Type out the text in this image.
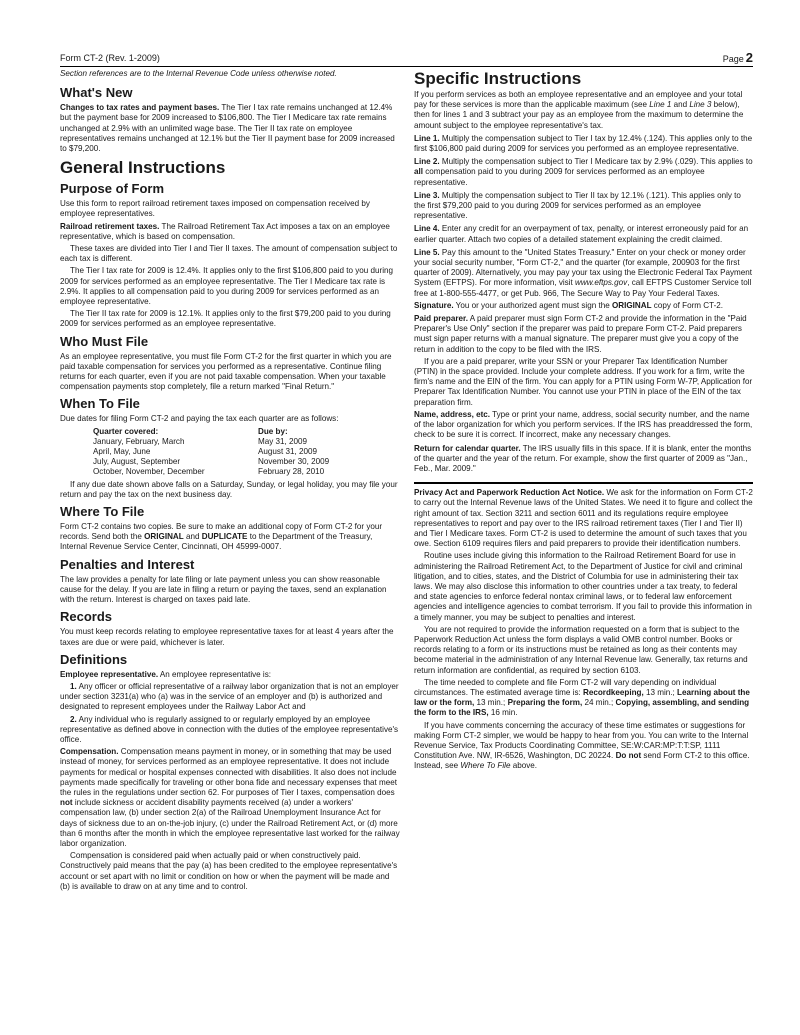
Form CT-2 (Rev. 1-2009)	Page 2

Section references are to the Internal Revenue Code unless otherwise noted.

What's New

Changes to tax rates and payment bases. The Tier I tax rate remains unchanged at 12.4% but the payment base for 2009 increased to $106,800. The Tier I Medicare tax rate remains unchanged at 2.9% with an unlimited wage base. The Tier II tax rate on employee representatives remains unchanged at 12.1% but the Tier II payment base for 2009 increased to $79,200.

General Instructions
Purpose of Form

Use this form to report railroad retirement taxes imposed on compensation received by employee representatives.

Railroad retirement taxes. The Railroad Retirement Tax Act imposes a tax on an employee representative, which is based on compensation.

These taxes are divided into Tier I and Tier II taxes. The amount of compensation subject to each tax is different.

The Tier I tax rate for 2009 is 12.4%. It applies only to the first $106,800 paid to you during 2009 for services performed as an employee representative. The Tier I Medicare tax rate is 2.9%. It applies to all compensation paid to you during 2009 for services performed as an employee representative.

The Tier II tax rate for 2009 is 12.1%. It applies only to the first $79,200 paid to you during 2009 for services performed as an employee representative.

Who Must File

As an employee representative, you must file Form CT-2 for the first quarter in which you are paid taxable compensation for services you performed as a representative. Continue filing returns for each quarter, even if you are not paid taxable compensation. When your taxable compensation payments stop completely, file a return marked "Final Return."

When To File

Due dates for filing Form CT-2 and paying the tax each quarter are as follows:

Quarter covered:	Due by:
January, February, March	May 31, 2009
April, May, June	August 31, 2009
July, August, September	November 30, 2009
October, November, December	February 28, 2010

If any due date shown above falls on a Saturday, Sunday, or legal holiday, you may file your return and pay the tax on the next business day.

Where To File

Form CT-2 contains two copies. Be sure to make an additional copy of Form CT-2 for your records. Send both the ORIGINAL and DUPLICATE to the Department of the Treasury, Internal Revenue Service Center, Cincinnati, OH 45999-0007.

Penalties and Interest

The law provides a penalty for late filing or late payment unless you can show reasonable cause for the delay. If you are late in filing a return or paying the taxes, send an explanation with the return. Interest is charged on taxes paid late.

Records

You must keep records relating to employee representative taxes for at least 4 years after the taxes are due or were paid, whichever is later.

Definitions

Employee representative. An employee representative is:

1. Any officer or official representative of a railway labor organization that is not an employer under section 3231(a) who (a) was in the service of an employer and (b) is authorized and designated to represent employees under the Railway Labor Act and

2. Any individual who is regularly assigned to or regularly employed by an employee representative as defined above in connection with the duties of the employee representative's office.

Compensation. Compensation means payment in money, or in something that may be used instead of money, for services performed as an employee representative. It does not include payments for medical or hospital expenses connected with disabilities. It also does not include payments made specifically for traveling or other bona fide and necessary expenses that meet the rules in the regulations under section 62. For purposes of Tier I taxes, compensation does not include sickness or accident disability payments received (a) under a workers' compensation law, (b) under section 2(a) of the Railroad Unemployment Insurance Act for days of sickness due to an on-the-job injury, (c) under the Railroad Retirement Act, or (d) more than 6 months after the month in which the employee representative last worked for the railway labor organization.

Compensation is considered paid when actually paid or when constructively paid. Constructively paid means that the pay (a) has been credited to the employee representative's account or set apart with no limit or condition on how or when the payment will be made and (b) is available to draw on at any time and to control.

Specific Instructions

If you perform services as both an employee representative and an employee and your total pay for these services is more than the applicable maximum (see Line 1 and Line 3 below), then for lines 1 and 3 subtract your pay as an employee from the maximum to determine the amount subject to the employee representative's tax.

Line 1. Multiply the compensation subject to Tier I tax by 12.4% (.124). This applies only to the first $106,800 paid during 2009 for services you performed as an employee representative.

Line 2. Multiply the compensation subject to Tier I Medicare tax by 2.9% (.029). This applies to all compensation paid to you during 2009 for services performed as an employee representative.

Line 3. Multiply the compensation subject to Tier II tax by 12.1% (.121). This applies only to the first $79,200 paid to you during 2009 for services performed as an employee representative.

Line 4. Enter any credit for an overpayment of tax, penalty, or interest erroneously paid for an earlier quarter. Attach two copies of a detailed statement explaining the credit claimed.

Line 5. Pay this amount to the "United States Treasury." Enter on your check or money order your social security number, "Form CT-2," and the quarter (for example, 200903 for the first quarter of 2009). Alternatively, you may pay your tax using the Electronic Federal Tax Payment System (EFTPS). For more information, visit www.eftps.gov, call EFTPS Customer Service toll free at 1-800-555-4477, or get Pub. 966, The Secure Way to Pay Your Federal Taxes.

Signature. You or your authorized agent must sign the ORIGINAL copy of Form CT-2.

Paid preparer. A paid preparer must sign Form CT-2 and provide the information in the "Paid Preparer's Use Only" section if the preparer was paid to prepare Form CT-2. Paid preparers must sign paper returns with a manual signature. The preparer must give you a copy of the return in addition to the copy to be filed with the IRS.

If you are a paid preparer, write your SSN or your Preparer Tax Identification Number (PTIN) in the space provided. Include your complete address. If you work for a firm, write the firm's name and the EIN of the firm. You can apply for a PTIN using Form W-7P, Application for Preparer Tax Identification Number. You cannot use your PTIN in place of the EIN of the tax preparation firm.

Name, address, etc. Type or print your name, address, social security number, and the name of the labor organization for which you perform services. If the IRS has preaddressed the form, check to be sure it is correct. If incorrect, make any necessary changes.

Return for calendar quarter. The IRS usually fills in this space. If it is blank, enter the months of the quarter and the year of the return. For example, show the first quarter of 2009 as "Jan., Feb., Mar. 2009."

Privacy Act and Paperwork Reduction Act Notice. We ask for the information on Form CT-2 to carry out the Internal Revenue laws of the United States. We need it to figure and collect the right amount of tax. Section 3211 and section 6011 and its regulations require employee representatives to report and pay over to the IRS railroad retirement taxes (Tier I and Tier II) and Tier I Medicare taxes. Form CT-2 is used to determine the amount of such taxes that you owe. Section 6109 requires filers and paid preparers to provide their identification numbers.

Routine uses include giving this information to the Railroad Retirement Board for use in administering the Railroad Retirement Act, to the Department of Justice for civil and criminal litigation, and to cities, states, and the District of Columbia for use in administering their tax laws. We may also disclose this information to other countries under a tax treaty, to federal and state agencies to enforce federal nontax criminal laws, or to federal law enforcement agencies and intelligence agencies to combat terrorism. If you fail to provide this information in a timely manner, you may be subject to penalties and interest.

You are not required to provide the information requested on a form that is subject to the Paperwork Reduction Act unless the form displays a valid OMB control number. Books or records relating to a form or its instructions must be retained as long as their contents may become material in the administration of any Internal Revenue law. Generally, tax returns and return information are confidential, as required by section 6103.

The time needed to complete and file Form CT-2 will vary depending on individual circumstances. The estimated average time is: Recordkeeping, 13 min.; Learning about the law or the form, 13 min.; Preparing the form, 24 min.; Copying, assembling, and sending the form to the IRS, 16 min.

If you have comments concerning the accuracy of these time estimates or suggestions for making Form CT-2 simpler, we would be happy to hear from you. You can write to the Internal Revenue Service, Tax Products Coordinating Committee, SE:W:CAR:MP:T:T:SP, 1111 Constitution Ave. NW, IR-6526, Washington, DC 20224. Do not send Form CT-2 to this office. Instead, see Where To File above.
